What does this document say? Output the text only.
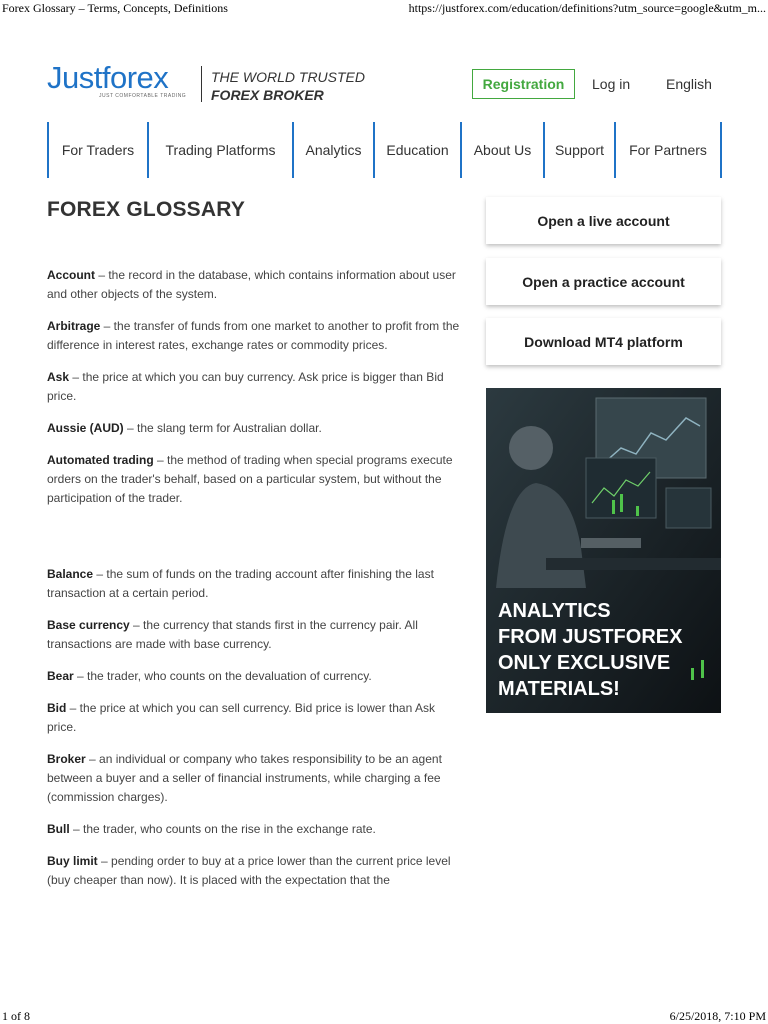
Forex Glossary – Terms, Concepts, Definitions	https://justforex.com/education/definitions?utm_source=google&utm_m...
Justforex
JUST COMFORTABLE TRADING
THE WORLD TRUSTED
FOREX BROKER
Registration	Log in	English
For Traders	Trading Platforms	Analytics	Education	About Us	Support	For Partners
FOREX GLOSSARY

Account – the record in the database, which contains information about user and other objects of the system.

Arbitrage – the transfer of funds from one market to another to profit from the difference in interest rates, exchange rates or commodity prices.

Ask – the price at which you can buy currency. Ask price is bigger than Bid price.

Aussie (AUD) – the slang term for Australian dollar.

Automated trading – the method of trading when special programs execute orders on the trader's behalf, based on a particular system, but without the participation of the trader.

Balance – the sum of funds on the trading account after finishing the last transaction at a certain period.

Base currency – the currency that stands first in the currency pair. All transactions are made with base currency.

Bear – the trader, who counts on the devaluation of currency.

Bid – the price at which you can sell currency. Bid price is lower than Ask price.

Broker – an individual or company who takes responsibility to be an agent between a buyer and a seller of financial instruments, while charging a fee (commission charges).

Bull – the trader, who counts on the rise in the exchange rate.

Buy limit – pending order to buy at a price lower than the current price level (buy cheaper than now). It is placed with the expectation that the

Open a live account
Open a practice account
Download MT4 platform
ANALYTICS
FROM JUSTFOREX
ONLY EXCLUSIVE
MATERIALS!
1 of 8	6/25/2018, 7:10 PM
